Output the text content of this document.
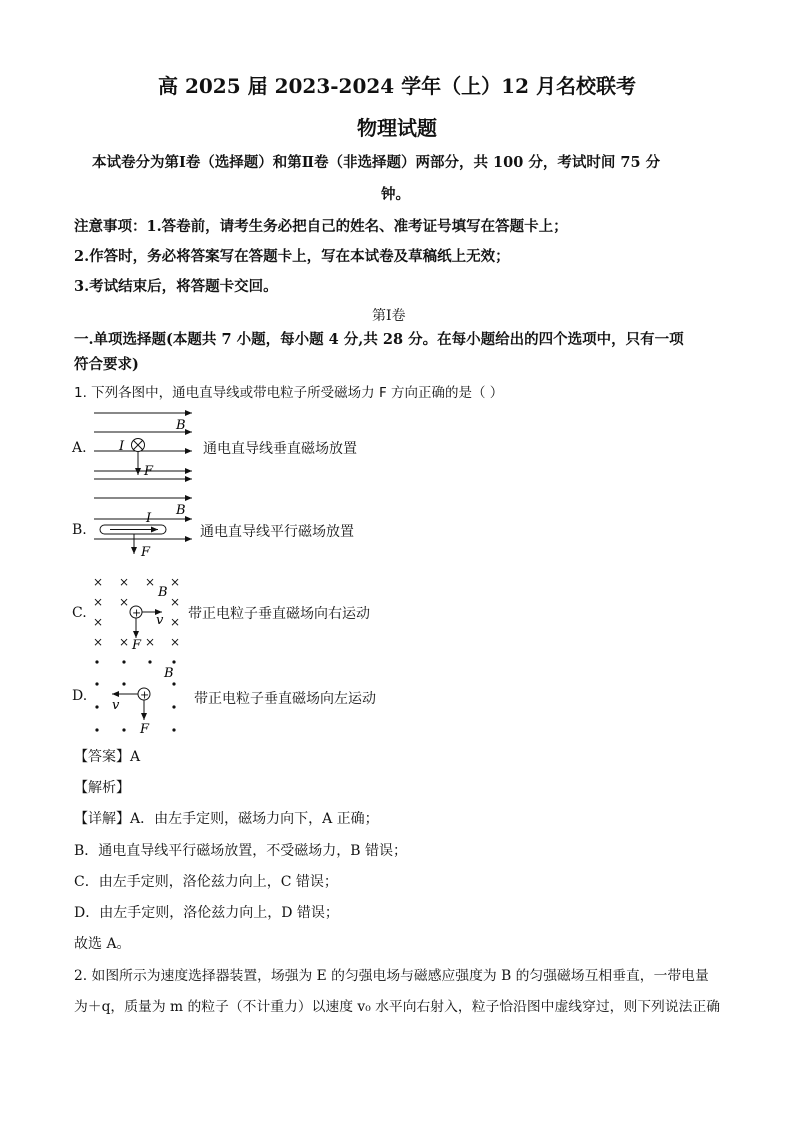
高 2025 届 2023-2024 学年（上）12 月名校联考
物理试题
本试卷分为第Ⅰ卷（选择题）和第Ⅱ卷（非选择题）两部分，共 100 分，考试时间 75 分
钟。
注意事项：1.答卷前，请考生务必把自己的姓名、准考证号填写在答题卡上；
2.作答时，务必将答案写在答题卡上，写在本试卷及草稿纸上无效；
3.考试结束后，将答题卡交回。
第Ⅰ卷
一.单项选择题(本题共 7 小题，每小题 4 分,共 28 分。在每小题给出的四个选项中，只有一项
符合要求)
1. 下列各图中，通电直导线或带电粒子所受磁场力 F 方向正确的是（ ）
A.	通电直导线垂直磁场放置
B.	通电直导线平行磁场放置
C.	带正电粒子垂直磁场向右运动
D.	带正电粒子垂直磁场向左运动
B
I
F
B
I
F
× × × ×
× ×	×
×	×
× × × ×
B
+ v
F
B
+
v
F
【答案】A
【解析】
【详解】A．由左手定则，磁场力向下，A 正确；
B．通电直导线平行磁场放置，不受磁场力，B 错误；
C．由左手定则，洛伦兹力向上，C 错误；
D．由左手定则，洛伦兹力向上，D 错误；
故选 A。
2. 如图所示为速度选择器装置，场强为 E 的匀强电场与磁感应强度为 B 的匀强磁场互相垂直，一带电量
为＋q，质量为 m 的粒子（不计重力）以速度 v₀ 水平向右射入，粒子恰沿图中虚线穿过，则下列说法正确
